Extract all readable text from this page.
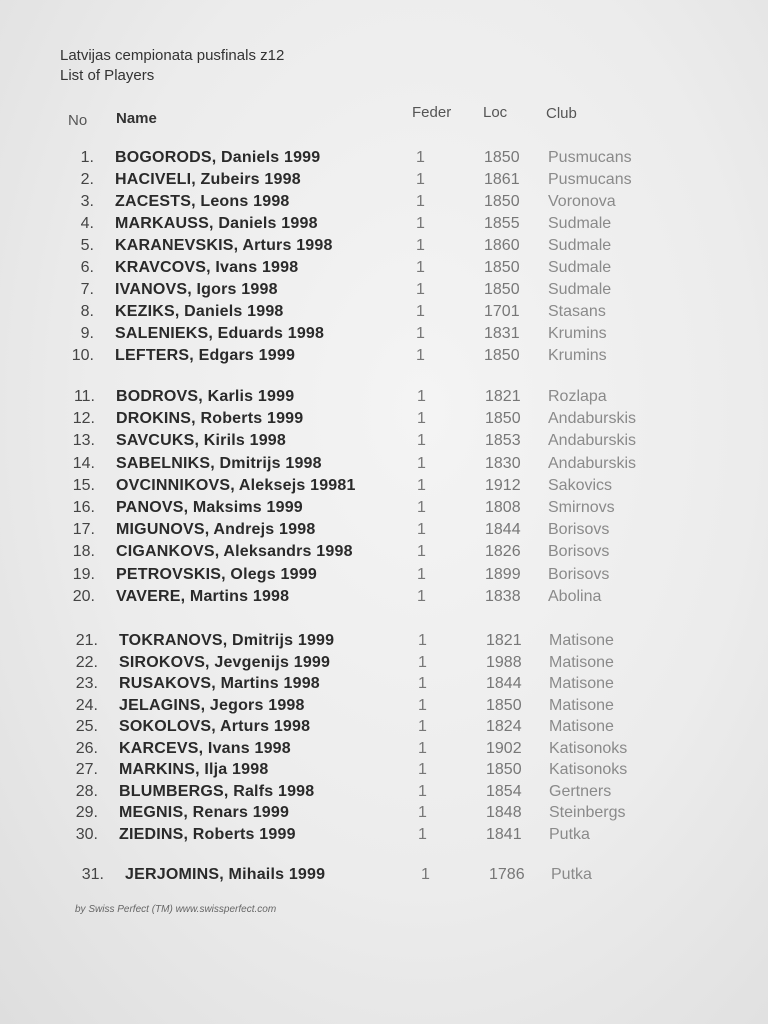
Latvijas cempionata pusfinals z12
List of Players
No Name	Feder Loc	Club
1. BOGORODS, Daniels 1999	1	1850 Pusmucans
2. HACIVELI, Zubeirs 1998	1	1861 Pusmucans
3. ZACESTS, Leons 1998	1	1850 Voronova
4. MARKAUSS, Daniels 1998	1	1855 Sudmale
5. KARANEVSKIS, Arturs 1998	1	1860 Sudmale
6. KRAVCOVS, Ivans 1998	1	1850 Sudmale
7. IVANOVS, Igors 1998	1	1850 Sudmale
8. KEZIKS, Daniels 1998	1	1701 Stasans
9. SALENIEKS, Eduards 1998	1	1831 Krumins
10. LEFTERS, Edgars 1999	1	1850 Krumins
11. BODROVS, Karlis 1999	1	1821 Rozlapa
12. DROKINS, Roberts 1999	1	1850 Andaburskis
13. SAVCUKS, Kirils 1998	1	1853 Andaburskis
14. SABELNIKS, Dmitrijs 1998	1	1830 Andaburskis
15. OVCINNIKOVS, Aleksejs 19981	1	1912 Sakovics
16. PANOVS, Maksims 1999	1	1808 Smirnovs
17. MIGUNOVS, Andrejs 1998	1	1844 Borisovs
18. CIGANKOVS, Aleksandrs 1998	1	1826 Borisovs
19. PETROVSKIS, Olegs 1999	1	1899 Borisovs
20. VAVERE, Martins 1998	1	1838 Abolina
21. TOKRANOVS, Dmitrijs 1999	1	1821 Matisone
22. SIROKOVS, Jevgenijs 1999	1	1988 Matisone
23. RUSAKOVS, Martins 1998	1	1844 Matisone
24. JELAGINS, Jegors 1998	1	1850 Matisone
25. SOKOLOVS, Arturs 1998	1	1824 Matisone
26. KARCEVS, Ivans 1998	1	1902 Katisonoks
27. MARKINS, Ilja 1998	1	1850 Katisonoks
28. BLUMBERGS, Ralfs 1998	1	1854 Gertners
29. MEGNIS, Renars 1999	1	1848 Steinbergs
30. ZIEDINS, Roberts 1999	1	1841 Putka
31. JERJOMINS, Mihails 1999	1	1786 Putka
by Swiss Perfect (TM) www.swissperfect.com
